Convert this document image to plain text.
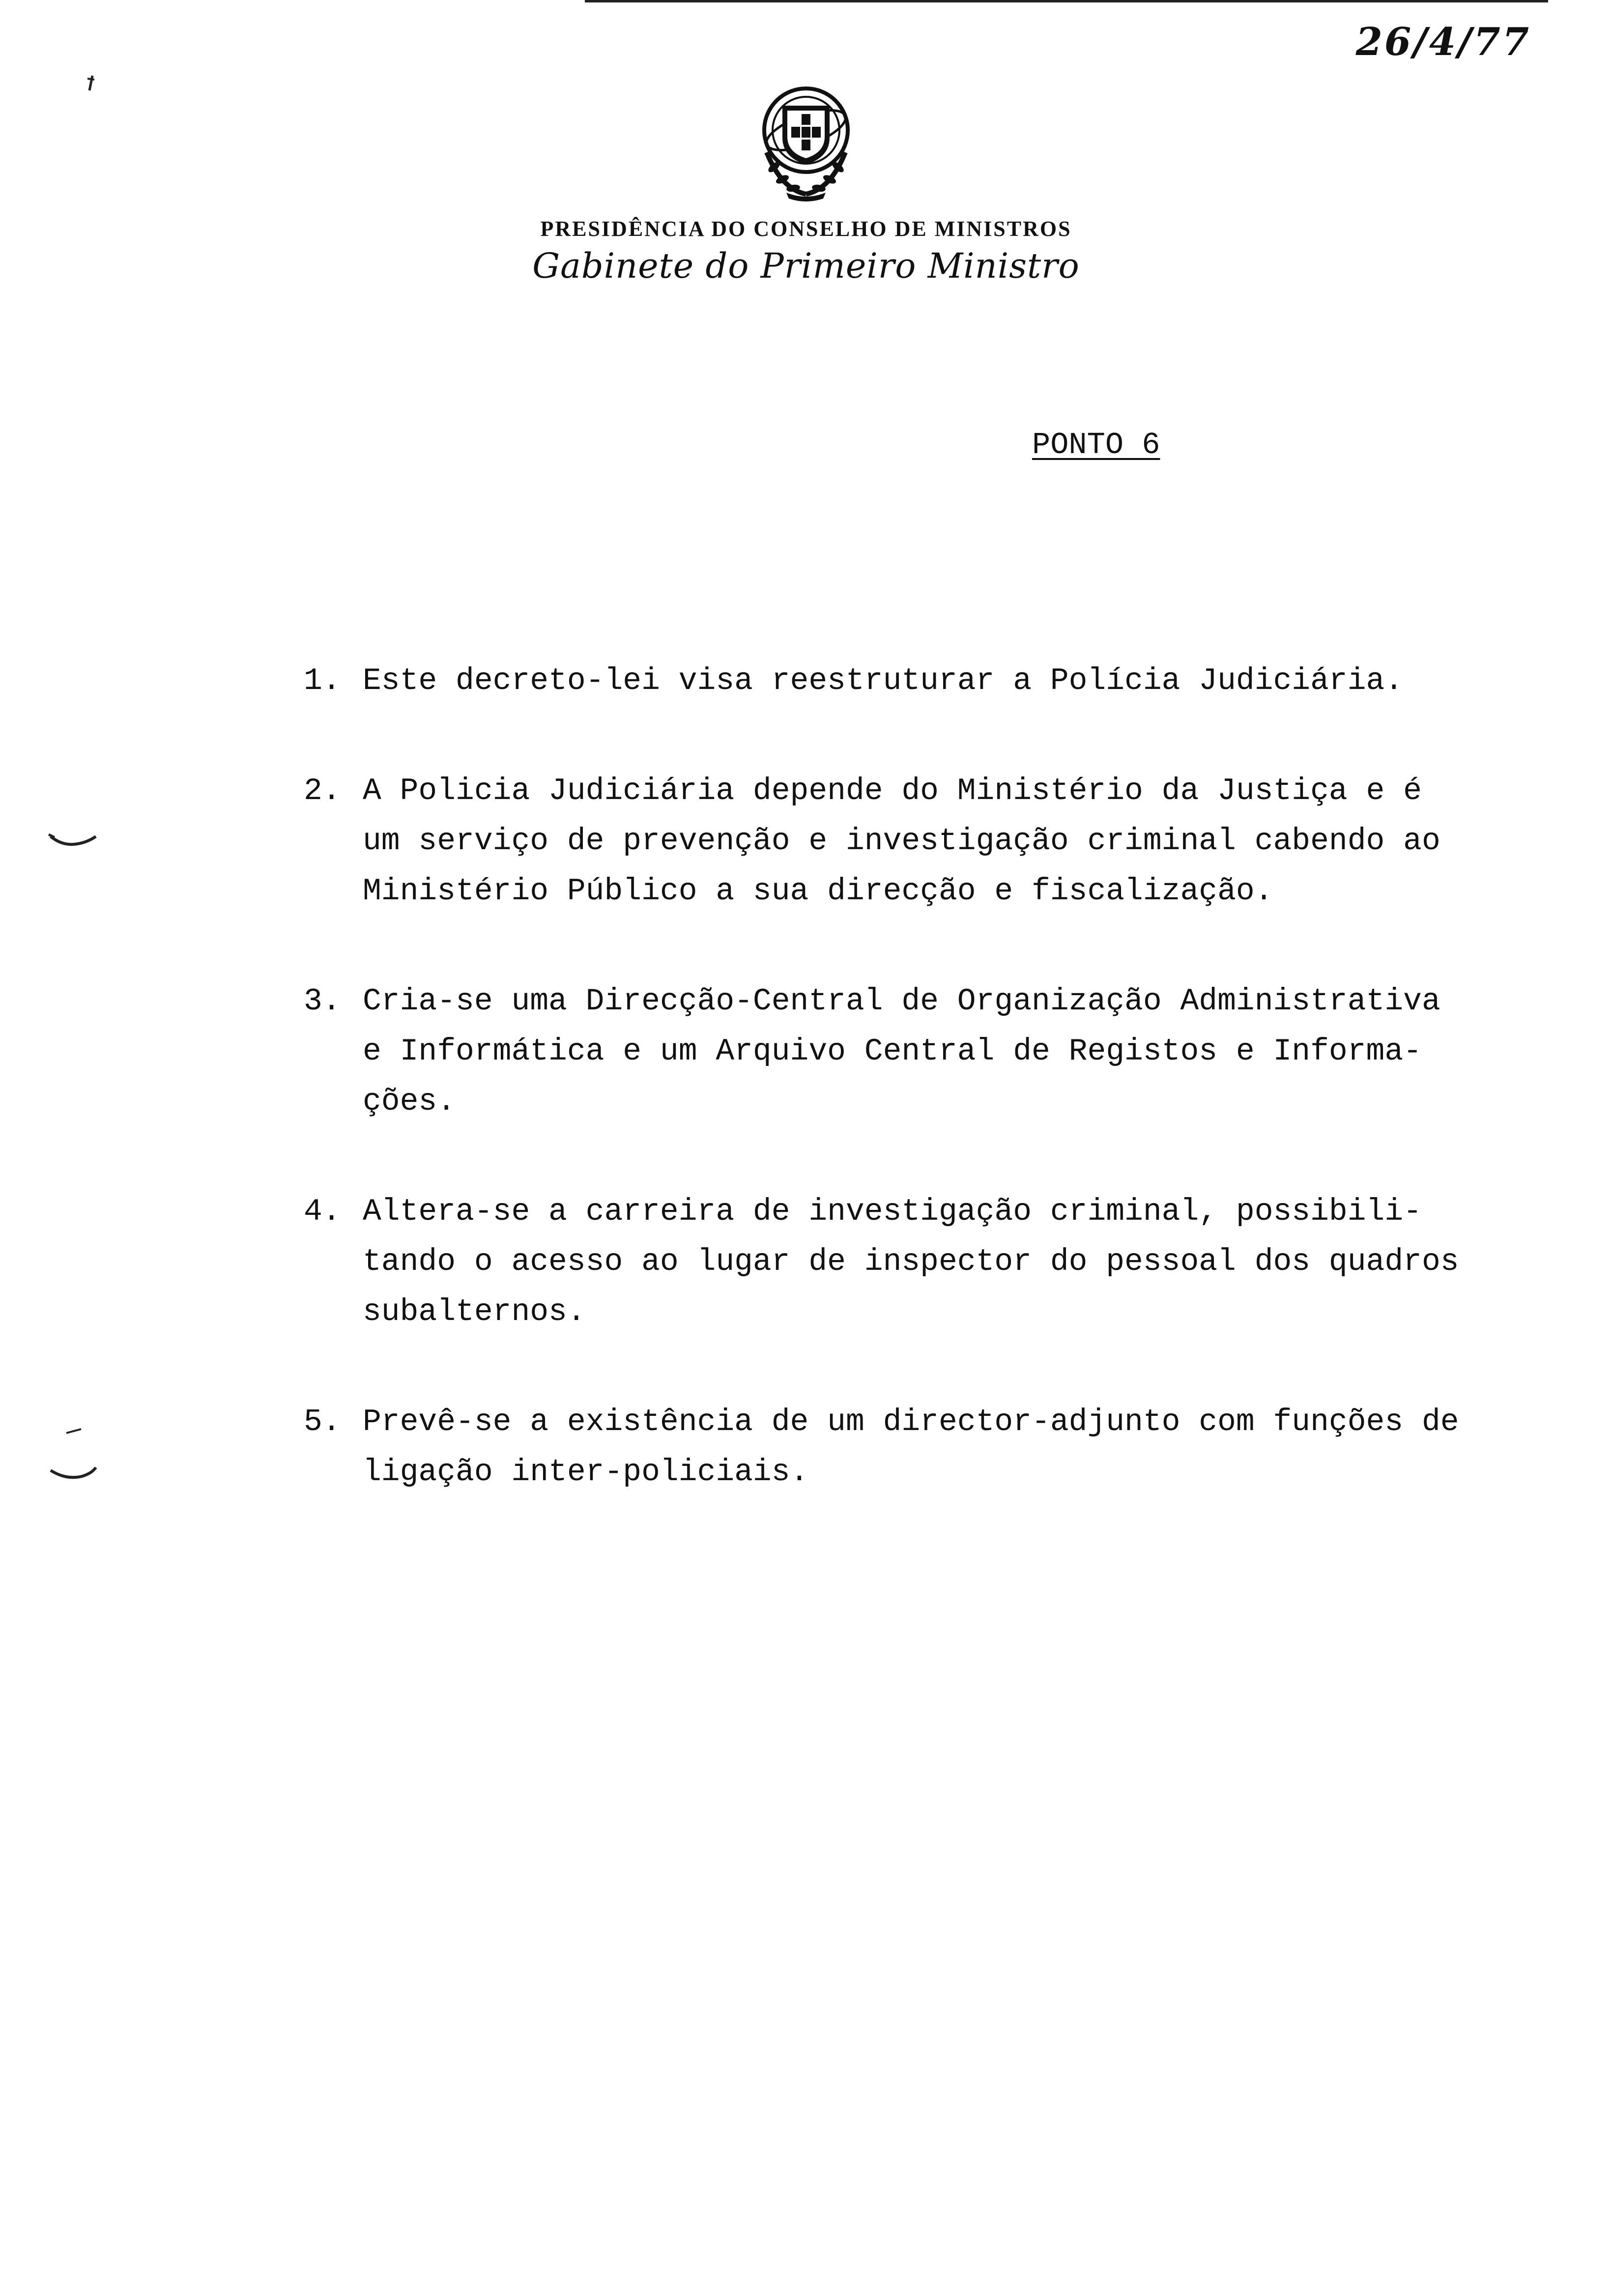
26/4/77
PRESIDÊNCIA DO CONSELHO DE MINISTROS
Gabinete do Primeiro Ministro
PONTO 6
1. Este decreto-lei visa reestruturar a Polícia Judiciária.
2. A Policia Judiciária depende do Ministério da Justiça e é
um serviço de prevenção e investigação criminal cabendo ao
Ministério Público a sua direcção e fiscalização.
3. Cria-se uma Direcção-Central de Organização Administrativa
e Informática e um Arquivo Central de Registos e Informa-
ções.
4. Altera-se a carreira de investigação criminal, possibili-
tando o acesso ao lugar de inspector do pessoal dos quadros
subalternos.
5. Prevê-se a existência de um director-adjunto com funções de
ligação inter-policiais.
